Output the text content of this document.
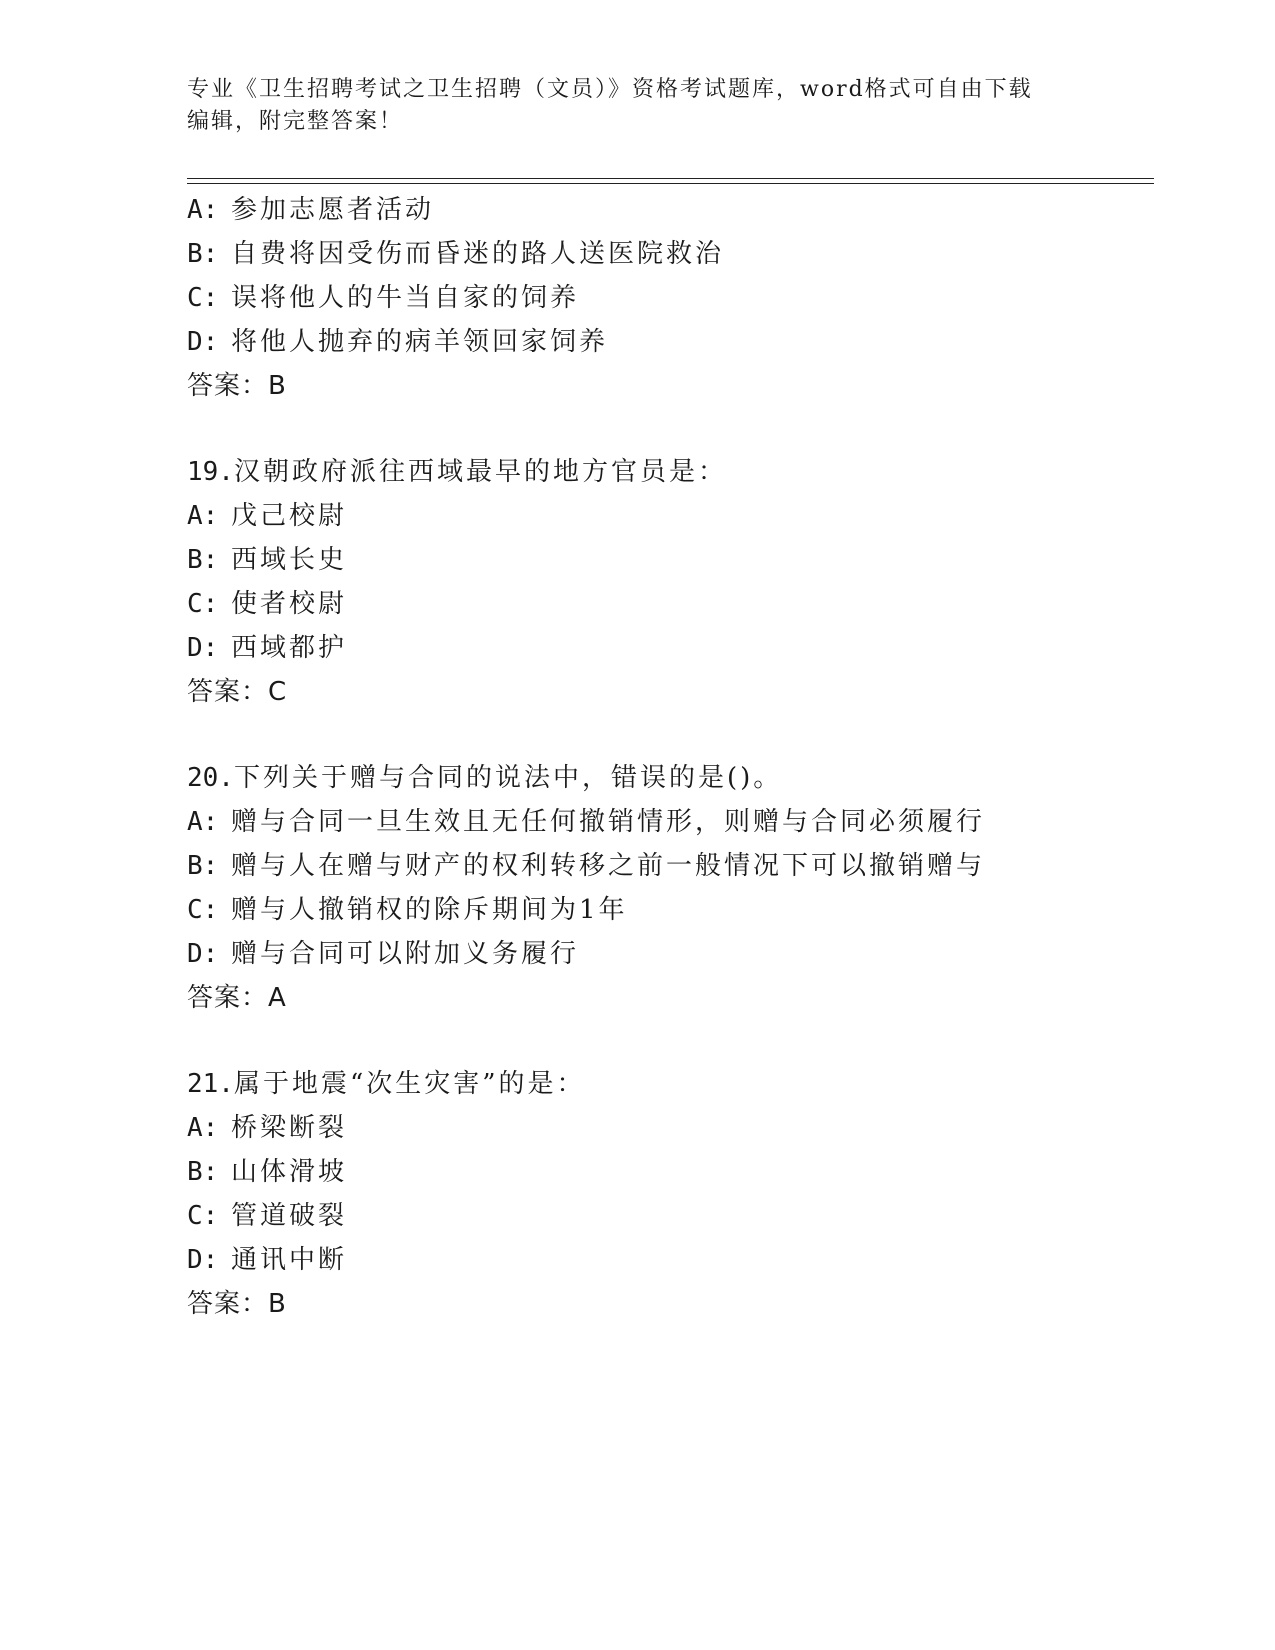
专业《卫生招聘考试之卫生招聘（文员）》资格考试题库，word格式可自由下载
编辑，附完整答案！
A: 参加志愿者活动
B: 自费将因受伤而昏迷的路人送医院救治
C: 误将他人的牛当自家的饲养
D: 将他人抛弃的病羊领回家饲养
答案：B
19.汉朝政府派往西域最早的地方官员是：
A: 戊己校尉
B: 西域长史
C: 使者校尉
D: 西域都护
答案：C
20.下列关于赠与合同的说法中，错误的是()。
A: 赠与合同一旦生效且无任何撤销情形，则赠与合同必须履行
B: 赠与人在赠与财产的权利转移之前一般情况下可以撤销赠与
C: 赠与人撤销权的除斥期间为1年
D: 赠与合同可以附加义务履行
答案：A
21.属于地震“次生灾害”的是：
A: 桥梁断裂
B: 山体滑坡
C: 管道破裂
D: 通讯中断
答案：B
